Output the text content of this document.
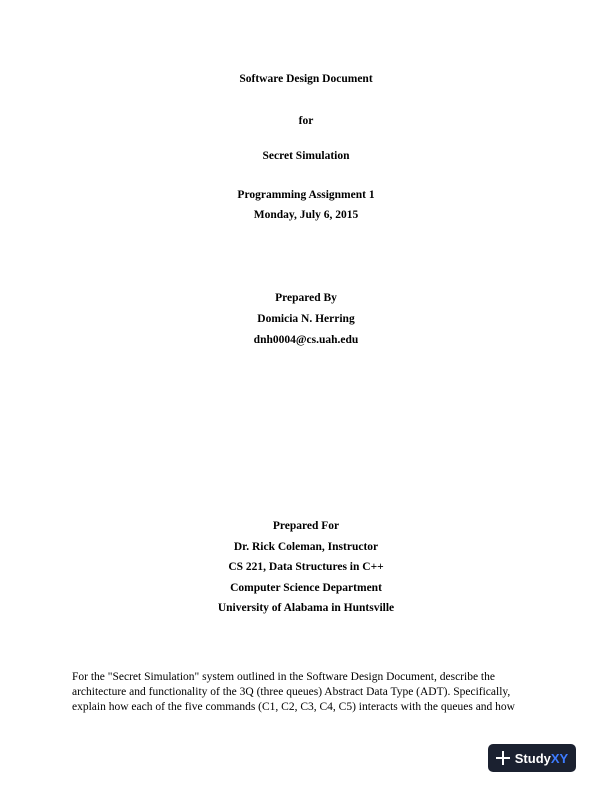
Software Design Document
for
Secret Simulation
Programming Assignment 1
Monday, July 6, 2015
Prepared By
Domicia N. Herring
dnh0004@cs.uah.edu
Prepared For
Dr. Rick Coleman, Instructor
CS 221, Data Structures in C++
Computer Science Department
University of Alabama in Huntsville
For the "Secret Simulation" system outlined in the Software Design Document, describe the
architecture and functionality of the 3Q (three queues) Abstract Data Type (ADT). Specifically,
explain how each of the five commands (C1, C2, C3, C4, C5) interacts with the queues and how
StudyXY
